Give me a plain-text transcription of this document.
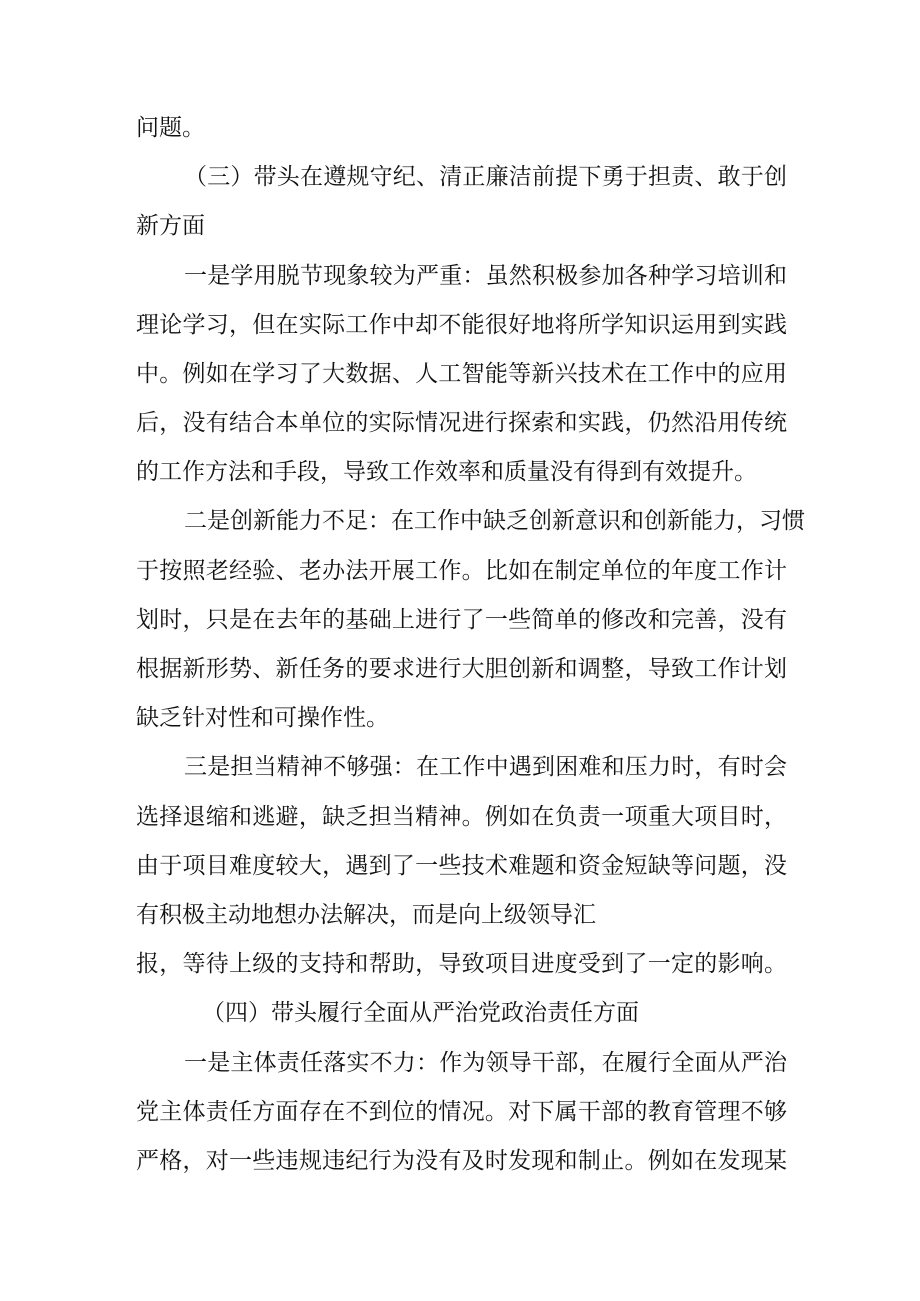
问题。

（三）带头在遵规守纪、清正廉洁前提下勇于担责、敢于创

新方面

一是学用脱节现象较为严重：虽然积极参加各种学习培训和

理论学习，但在实际工作中却不能很好地将所学知识运用到实践

中。例如在学习了大数据、人工智能等新兴技术在工作中的应用

后，没有结合本单位的实际情况进行探索和实践，仍然沿用传统

的工作方法和手段，导致工作效率和质量没有得到有效提升。

二是创新能力不足：在工作中缺乏创新意识和创新能力，习惯

于按照老经验、老办法开展工作。比如在制定单位的年度工作计

划时，只是在去年的基础上进行了一些简单的修改和完善，没有

根据新形势、新任务的要求进行大胆创新和调整，导致工作计划

缺乏针对性和可操作性。

三是担当精神不够强：在工作中遇到困难和压力时，有时会

选择退缩和逃避，缺乏担当精神。例如在负责一项重大项目时，

由于项目难度较大，遇到了一些技术难题和资金短缺等问题，没

有积极主动地想办法解决，而是向上级领导汇

报，等待上级的支持和帮助，导致项目进度受到了一定的影响。

（四）带头履行全面从严治党政治责任方面

一是主体责任落实不力：作为领导干部，在履行全面从严治

党主体责任方面存在不到位的情况。对下属干部的教育管理不够

严格，对一些违规违纪行为没有及时发现和制止。例如在发现某
